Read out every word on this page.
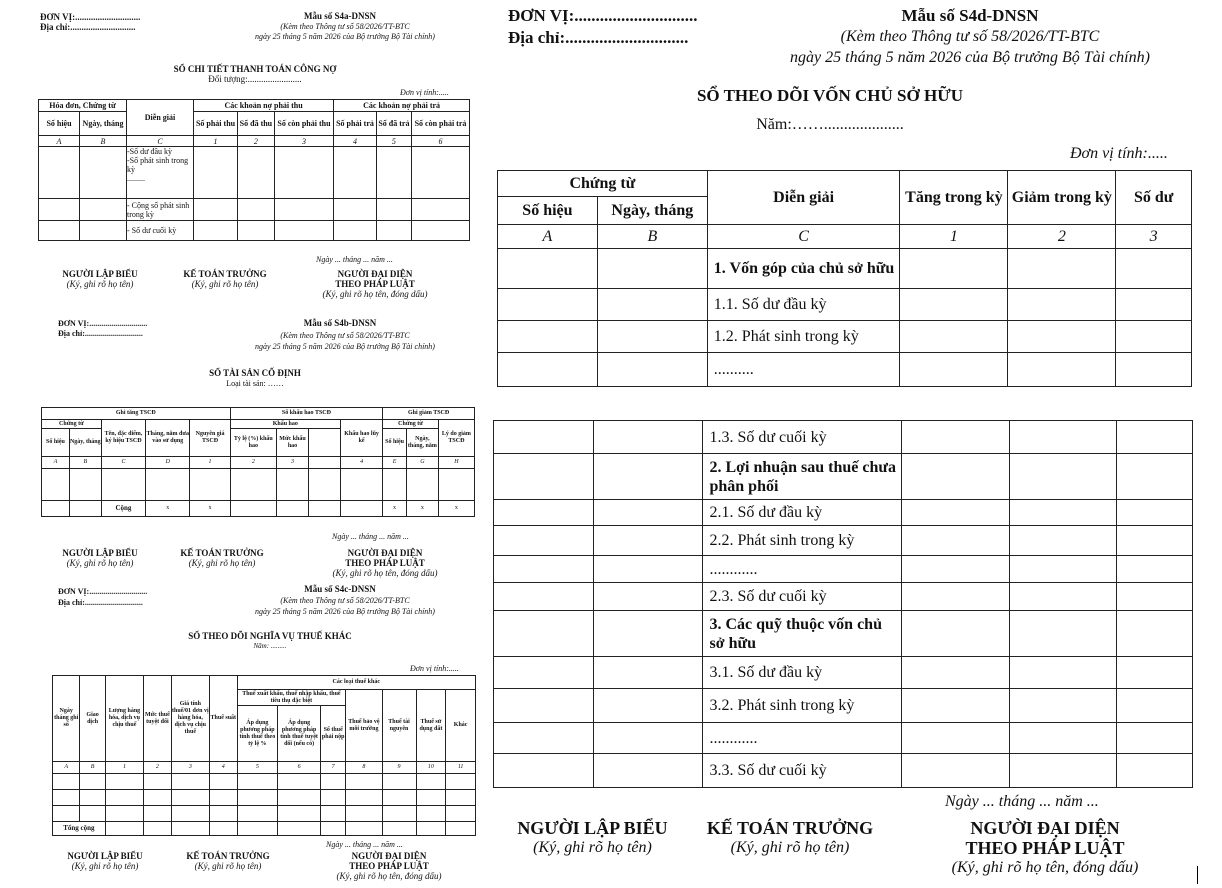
ĐƠN VỊ:.............................
Địa chỉ:.............................
Mẫu số S4a-DNSN
(Kèm theo Thông tư số 58/2026/TT-BTC
ngày 25 tháng 5 năm 2026 của Bộ trưởng Bộ Tài chính)
SỔ CHI TIẾT THANH TOÁN CÔNG NỢ
Đối tượng:........................
Đơn vị tính:.....
Hóa đơn, Chứng từ		Diễn giải	Các khoản nợ phải thu			Các khoản nợ phải trả		
Số hiệu	Ngày, tháng		Số phải thu	Số đã thu	Số còn phải thu	Số phải trả	Số đã trả	Số còn phải trả
A	B	C	1	2	3	4	5	6

		-Số dư đầu kỳ
-Số phát sinh trong kỳ
.........						

		- Cộng số phát sinh trong kỳ						
		- Số dư cuối kỳ						
Ngày ... tháng ... năm ...
NGƯỜI LẬP BIỂU
(Ký, ghi rõ họ tên)
KẾ TOÁN TRƯỞNG
(Ký, ghi rõ họ tên)
NGƯỜI ĐẠI DIỆN
THEO PHÁP LUẬT
(Ký, ghi rõ họ tên, đóng dấu)
ĐƠN VỊ:.............................
Địa chỉ:.............................
Mẫu số S4b-DNSN
(Kèm theo Thông tư số 58/2026/TT-BTC
ngày 25 tháng 5 năm 2026 của Bộ trưởng Bộ Tài chính)
SỔ TÀI SẢN CỐ ĐỊNH
Loại tài sản: ……
Ghi tăng TSCĐ					Số khấu hao TSCĐ				Ghi giảm TSCĐ		
Chứng từ		Tên, đặc điểm, ký hiệu TSCĐ	Tháng, năm đưa vào sử dụng	Nguyên giá TSCĐ	Khấu hao			Khấu hao lũy kế	Chứng từ		Lý do giảm TSCĐ
Số hiệu	Ngày, tháng				Tỷ lệ (%) khấu hao	Mức khấu hao			Số hiệu	Ngày, tháng, năm	
A	B	C	D	1	2	3		4	E	G	H

		Cộng	x	x					x	x	x
Ngày ... tháng ... năm ...
NGƯỜI LẬP BIỂU
(Ký, ghi rõ họ tên)
KẾ TOÁN TRƯỞNG
(Ký, ghi rõ họ tên)
NGƯỜI ĐẠI DIỆN
THEO PHÁP LUẬT
(Ký, ghi rõ họ tên, đóng dấu)
ĐƠN VỊ:.............................
Địa chỉ:.............................
Mẫu số S4c-DNSN
(Kèm theo Thông tư số 58/2026/TT-BTC
ngày 25 tháng 5 năm 2026 của Bộ trưởng Bộ Tài chính)
SỔ THEO DÕI NGHĨA VỤ THUẾ KHÁC
Năm: .........
Đơn vị tính:.....
Ngày tháng ghi sổ	Giao dịch	Lượng hàng hóa, dịch vụ chịu thuế	Mức thuế tuyệt đối	Giá tính thuế/01 đơn vị hàng hóa, dịch vụ chịu thuế	Thuế suất	Các loại thuế khác						
						Thuế xuất khẩu, thuế nhập khẩu, thuế tiêu thụ đặc biệt			Thuế bảo vệ môi trường	Thuế tài nguyên	Thuế sử dụng đất	Khác
						Áp dụng phương pháp tính thuế theo tỷ lệ %	Áp dụng phương pháp tính thuế tuyệt đối (nếu có)	Số thuế phải nộp				
A	B	1	2	3	4	5	6	7	8	9	10	11

Tổng cộng												
Ngày ... tháng ... năm ...
NGƯỜI LẬP BIỂU
(Ký, ghi rõ họ tên)
KẾ TOÁN TRƯỞNG
(Ký, ghi rõ họ tên)
NGƯỜI ĐẠI DIỆN
THEO PHÁP LUẬT
(Ký, ghi rõ họ tên, đóng dấu)
ĐƠN VỊ:.............................
Địa chỉ:.............................
Mẫu số S4d-DNSN
(Kèm theo Thông tư số 58/2026/TT-BTC
ngày 25 tháng 5 năm 2026 của Bộ trưởng Bộ Tài chính)
SỔ THEO DÕI VỐN CHỦ SỞ HỮU
Năm:……....................
Đơn vị tính:.....
Chứng từ		Diễn giải	Tăng trong kỳ	Giảm trong kỳ	Số dư
Số hiệu	Ngày, tháng				
A	B	C	1	2	3
		1. Vốn góp của chủ sở hữu			
		1.1. Số dư đầu kỳ			
		1.2. Phát sinh trong kỳ			
		..........			
		1.3. Số dư cuối kỳ			
		2. Lợi nhuận sau thuế chưa phân phối			
		2.1. Số dư đầu kỳ			
		2.2. Phát sinh trong kỳ			
		............			
		2.3. Số dư cuối kỳ			
		3. Các quỹ thuộc vốn chủ sở hữu			
		3.1. Số dư đầu kỳ			
		3.2. Phát sinh trong kỳ			
		............			
		3.3. Số dư cuối kỳ			
Ngày ... tháng ... năm ...
NGƯỜI LẬP BIỂU
(Ký, ghi rõ họ tên)
KẾ TOÁN TRƯỞNG
(Ký, ghi rõ họ tên)
NGƯỜI ĐẠI DIỆN
THEO PHÁP LUẬT
(Ký, ghi rõ họ tên, đóng dấu)
